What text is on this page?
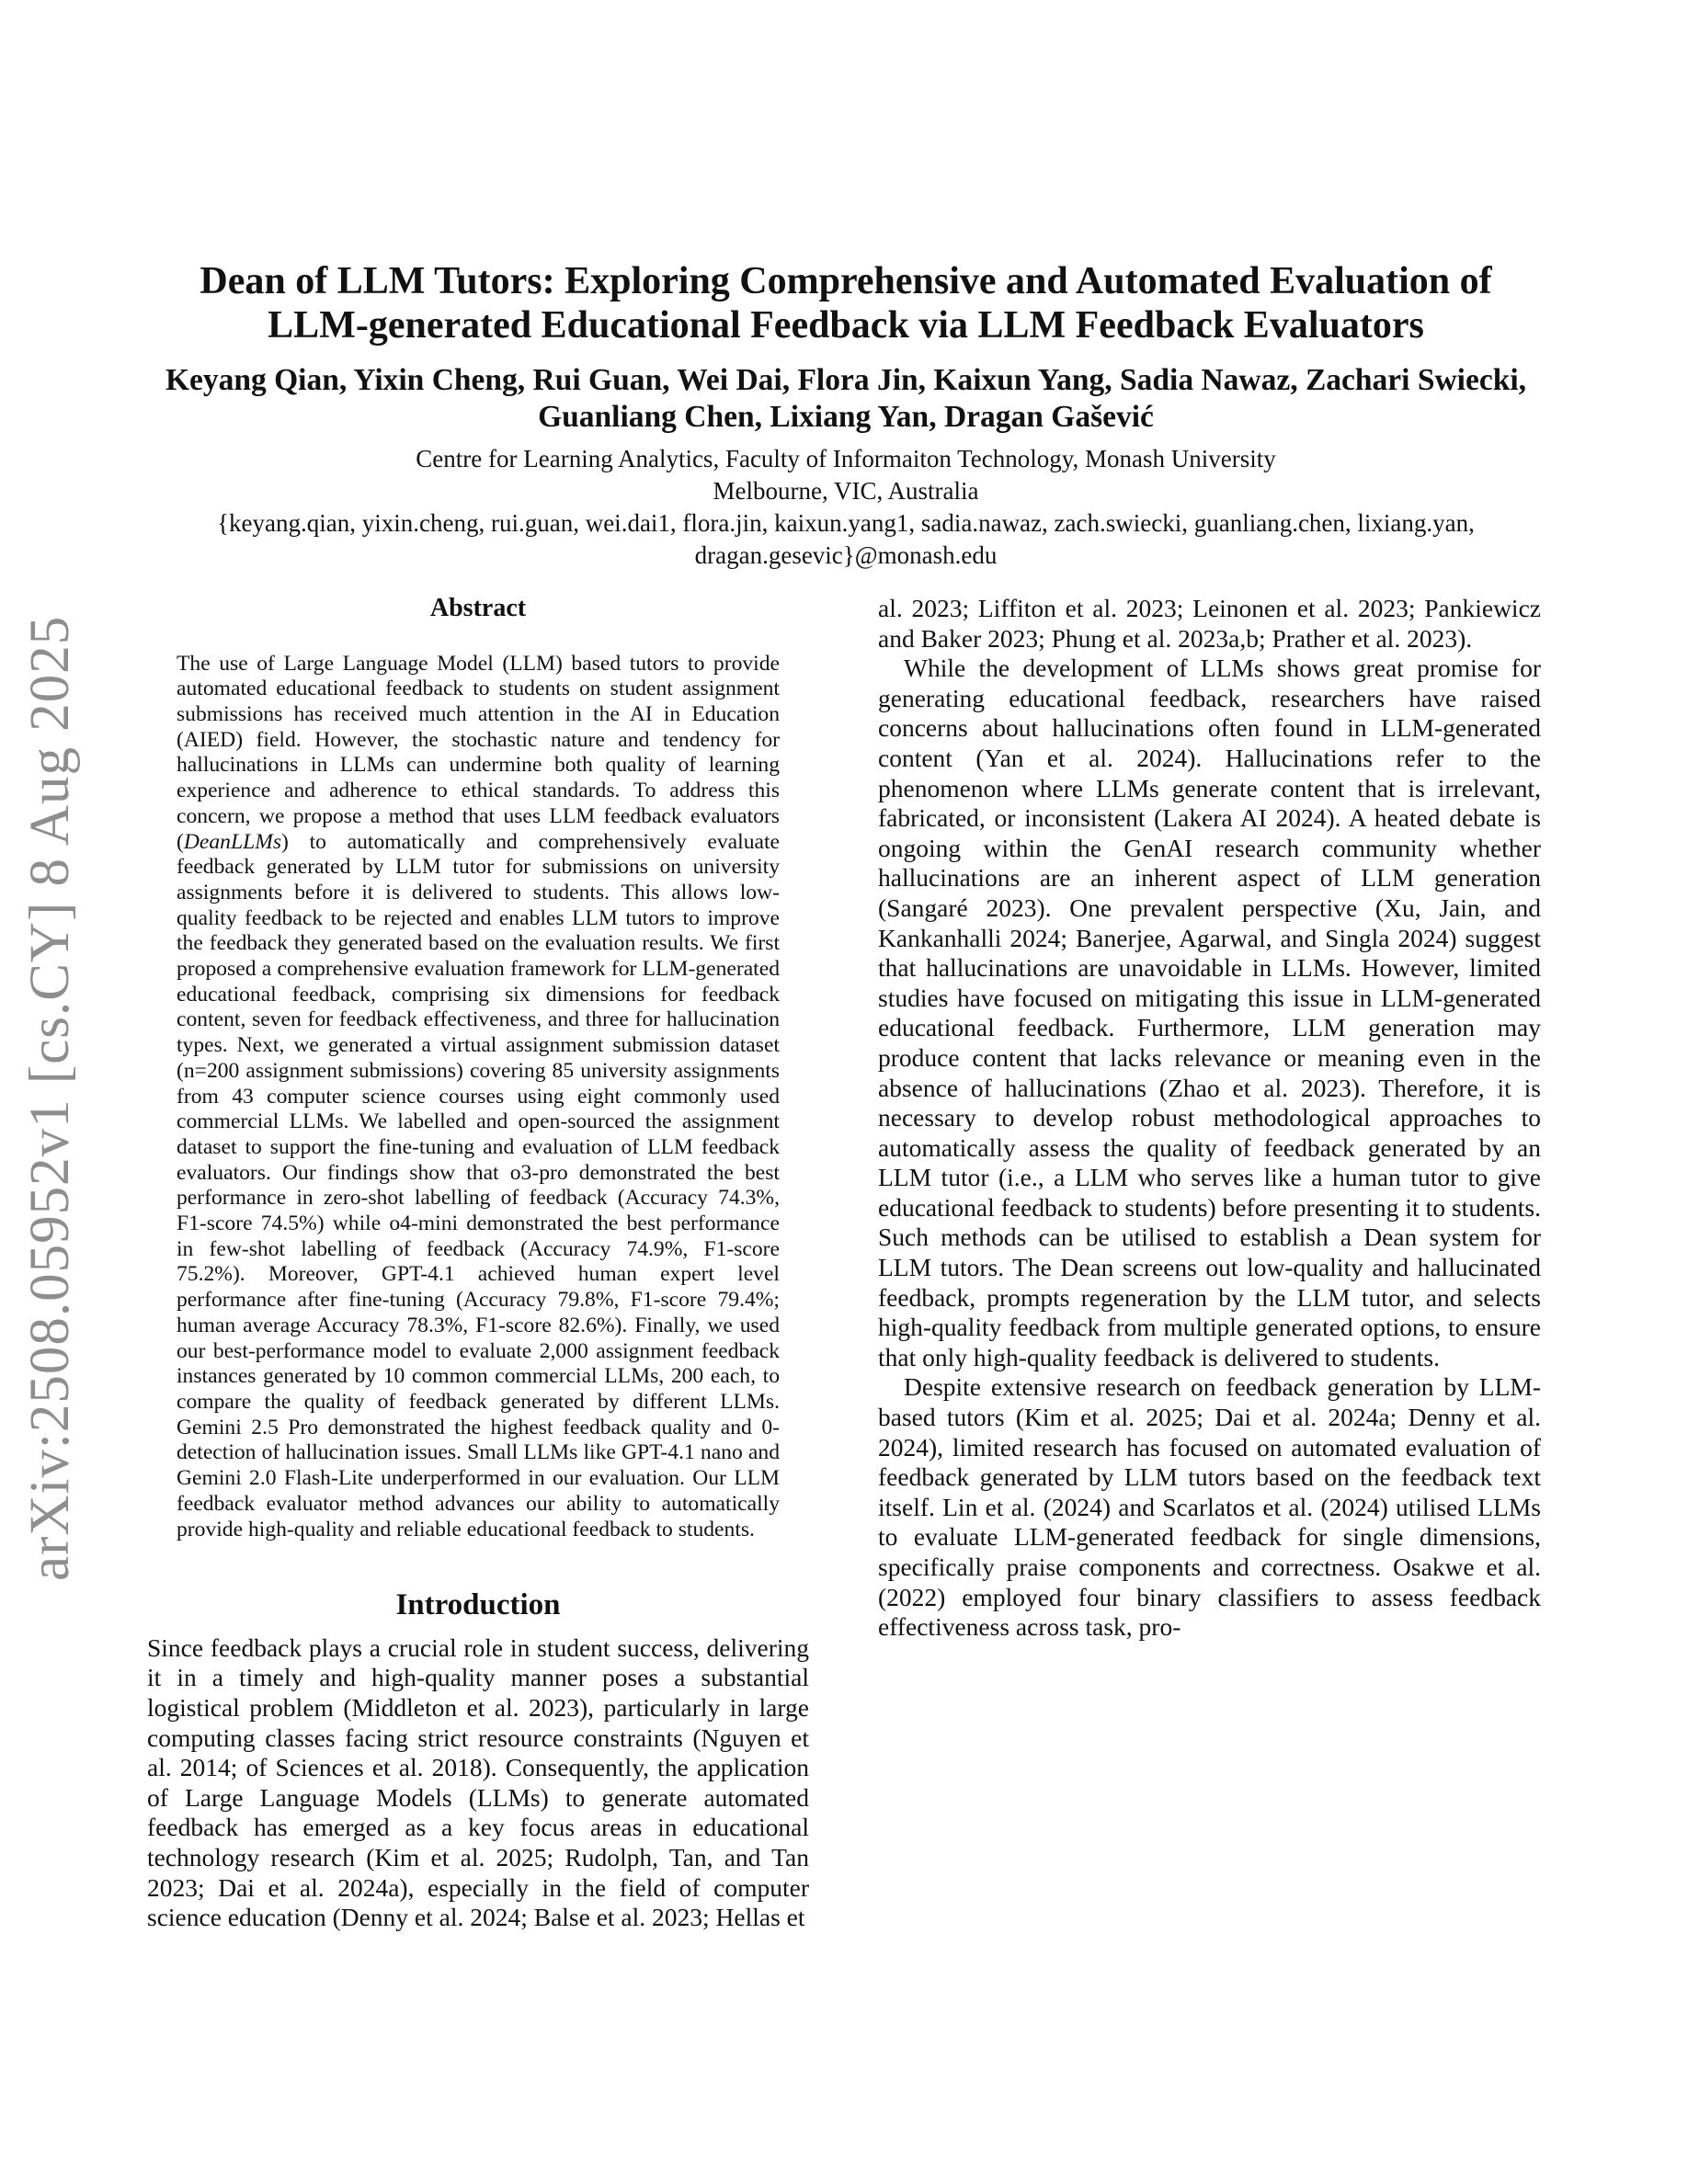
arXiv:2508.05952v1 [cs.CY] 8 Aug 2025
Dean of LLM Tutors: Exploring Comprehensive and Automated Evaluation of LLM-generated Educational Feedback via LLM Feedback Evaluators
Keyang Qian, Yixin Cheng, Rui Guan, Wei Dai, Flora Jin, Kaixun Yang, Sadia Nawaz, Zachari Swiecki, Guanliang Chen, Lixiang Yan, Dragan Gašević
Centre for Learning Analytics, Faculty of Informaiton Technology, Monash University
Melbourne, VIC, Australia
{keyang.qian, yixin.cheng, rui.guan, wei.dai1, flora.jin, kaixun.yang1, sadia.nawaz, zach.swiecki, guanliang.chen, lixiang.yan, dragan.gesevic}@monash.edu
Abstract
The use of Large Language Model (LLM) based tutors to provide automated educational feedback to students on student assignment submissions has received much attention in the AI in Education (AIED) field. However, the stochastic nature and tendency for hallucinations in LLMs can undermine both quality of learning experience and adherence to ethical standards. To address this concern, we propose a method that uses LLM feedback evaluators (DeanLLMs) to automatically and comprehensively evaluate feedback generated by LLM tutor for submissions on university assignments before it is delivered to students. This allows low-quality feedback to be rejected and enables LLM tutors to improve the feedback they generated based on the evaluation results. We first proposed a comprehensive evaluation framework for LLM-generated educational feedback, comprising six dimensions for feedback content, seven for feedback effectiveness, and three for hallucination types. Next, we generated a virtual assignment submission dataset (n=200 assignment submissions) covering 85 university assignments from 43 computer science courses using eight commonly used commercial LLMs. We labelled and open-sourced the assignment dataset to support the fine-tuning and evaluation of LLM feedback evaluators. Our findings show that o3-pro demonstrated the best performance in zero-shot labelling of feedback (Accuracy 74.3%, F1-score 74.5%) while o4-mini demonstrated the best performance in few-shot labelling of feedback (Accuracy 74.9%, F1-score 75.2%). Moreover, GPT-4.1 achieved human expert level performance after fine-tuning (Accuracy 79.8%, F1-score 79.4%; human average Accuracy 78.3%, F1-score 82.6%). Finally, we used our best-performance model to evaluate 2,000 assignment feedback instances generated by 10 common commercial LLMs, 200 each, to compare the quality of feedback generated by different LLMs. Gemini 2.5 Pro demonstrated the highest feedback quality and 0-detection of hallucination issues. Small LLMs like GPT-4.1 nano and Gemini 2.0 Flash-Lite underperformed in our evaluation. Our LLM feedback evaluator method advances our ability to automatically provide high-quality and reliable educational feedback to students.
Introduction

Since feedback plays a crucial role in student success, delivering it in a timely and high-quality manner poses a substantial logistical problem (Middleton et al. 2023), particularly in large computing classes facing strict resource constraints (Nguyen et al. 2014; of Sciences et al. 2018). Consequently, the application of Large Language Models (LLMs) to generate automated feedback has emerged as a key focus areas in educational technology research (Kim et al. 2025; Rudolph, Tan, and Tan 2023; Dai et al. 2024a), especially in the field of computer science education (Denny et al. 2024; Balse et al. 2023; Hellas et

al. 2023; Liffiton et al. 2023; Leinonen et al. 2023; Pankiewicz and Baker 2023; Phung et al. 2023a,b; Prather et al. 2023).

While the development of LLMs shows great promise for generating educational feedback, researchers have raised concerns about hallucinations often found in LLM-generated content (Yan et al. 2024). Hallucinations refer to the phenomenon where LLMs generate content that is irrelevant, fabricated, or inconsistent (Lakera AI 2024). A heated debate is ongoing within the GenAI research community whether hallucinations are an inherent aspect of LLM generation (Sangaré 2023). One prevalent perspective (Xu, Jain, and Kankanhalli 2024; Banerjee, Agarwal, and Singla 2024) suggest that hallucinations are unavoidable in LLMs. However, limited studies have focused on mitigating this issue in LLM-generated educational feedback. Furthermore, LLM generation may produce content that lacks relevance or meaning even in the absence of hallucinations (Zhao et al. 2023). Therefore, it is necessary to develop robust methodological approaches to automatically assess the quality of feedback generated by an LLM tutor (i.e., a LLM who serves like a human tutor to give educational feedback to students) before presenting it to students. Such methods can be utilised to establish a Dean system for LLM tutors. The Dean screens out low-quality and hallucinated feedback, prompts regeneration by the LLM tutor, and selects high-quality feedback from multiple generated options, to ensure that only high-quality feedback is delivered to students.

Despite extensive research on feedback generation by LLM-based tutors (Kim et al. 2025; Dai et al. 2024a; Denny et al. 2024), limited research has focused on automated evaluation of feedback generated by LLM tutors based on the feedback text itself. Lin et al. (2024) and Scarlatos et al. (2024) utilised LLMs to evaluate LLM-generated feedback for single dimensions, specifically praise components and correctness. Osakwe et al. (2022) employed four binary classifiers to assess feedback effectiveness across task, pro-
